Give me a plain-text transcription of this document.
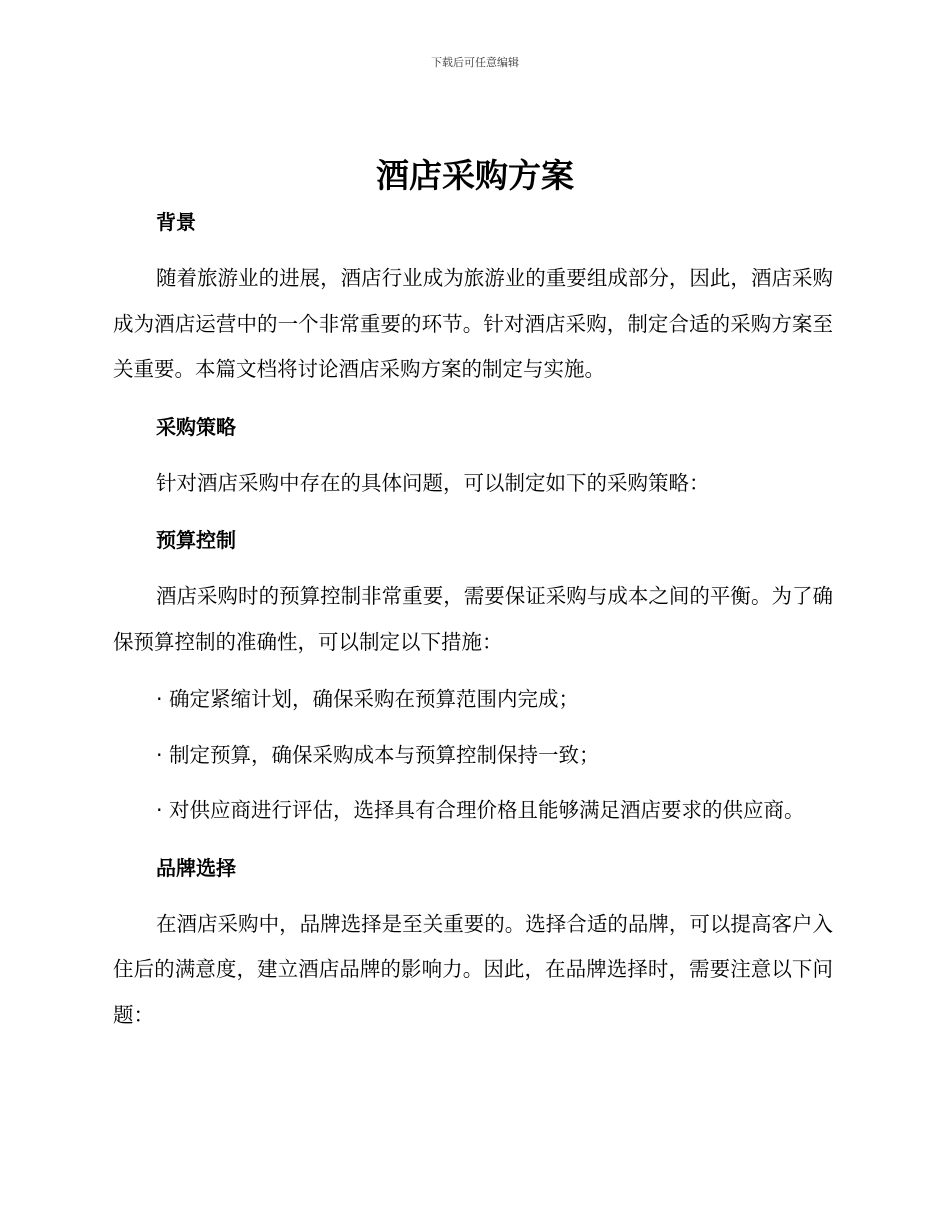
下载后可任意编辑
酒店采购方案
背景
随着旅游业的进展，酒店行业成为旅游业的重要组成部分，因此，酒店采购成为酒店运营中的一个非常重要的环节。针对酒店采购，制定合适的采购方案至关重要。本篇文档将讨论酒店采购方案的制定与实施。
采购策略
针对酒店采购中存在的具体问题，可以制定如下的采购策略：
预算控制
酒店采购时的预算控制非常重要，需要保证采购与成本之间的平衡。为了确保预算控制的准确性，可以制定以下措施：
· 确定紧缩计划，确保采购在预算范围内完成；
· 制定预算，确保采购成本与预算控制保持一致；
· 对供应商进行评估，选择具有合理价格且能够满足酒店要求的供应商。
品牌选择
在酒店采购中，品牌选择是至关重要的。选择合适的品牌，可以提高客户入住后的满意度，建立酒店品牌的影响力。因此，在品牌选择时，需要注意以下问题：
